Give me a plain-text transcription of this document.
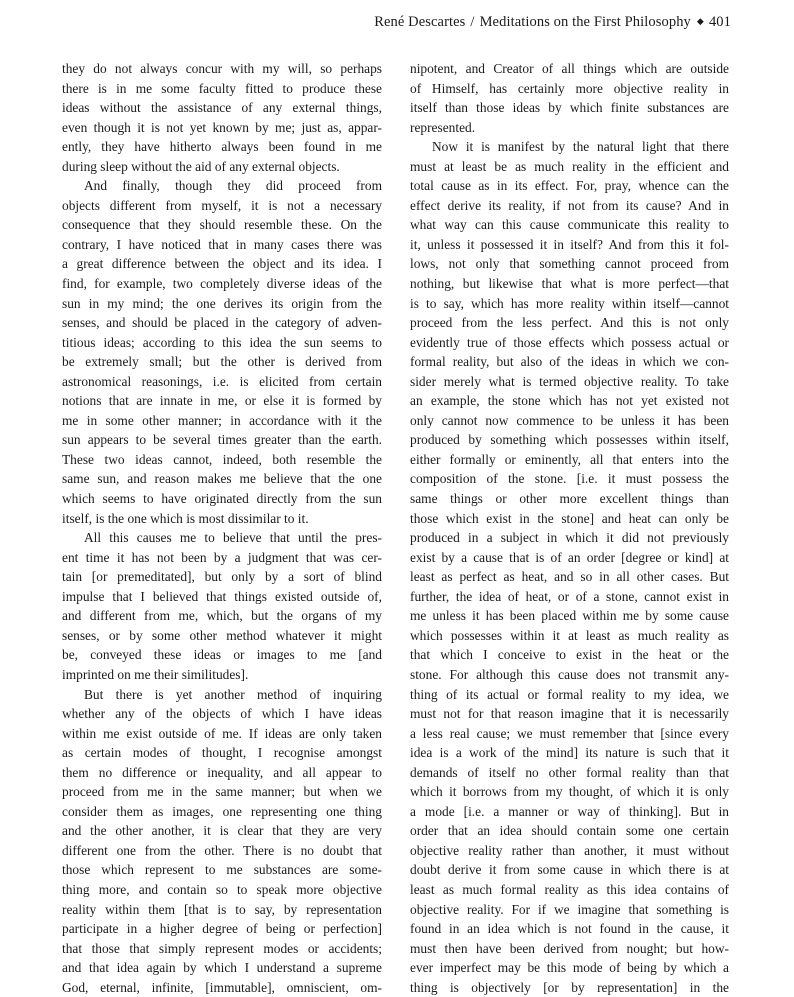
René Descartes / Meditations on the First Philosophy ◆ 401
they do not always concur with my will, so perhaps
there is in me some faculty fitted to produce these
ideas without the assistance of any external things,
even though it is not yet known by me; just as, appar-
ently, they have hitherto always been found in me
during sleep without the aid of any external objects.
And finally, though they did proceed from
objects different from myself, it is not a necessary
consequence that they should resemble these. On the
contrary, I have noticed that in many cases there was
a great difference between the object and its idea. I
find, for example, two completely diverse ideas of the
sun in my mind; the one derives its origin from the
senses, and should be placed in the category of adven-
titious ideas; according to this idea the sun seems to
be extremely small; but the other is derived from
astronomical reasonings, i.e. is elicited from certain
notions that are innate in me, or else it is formed by
me in some other manner; in accordance with it the
sun appears to be several times greater than the earth.
These two ideas cannot, indeed, both resemble the
same sun, and reason makes me believe that the one
which seems to have originated directly from the sun
itself, is the one which is most dissimilar to it.
All this causes me to believe that until the pres-
ent time it has not been by a judgment that was cer-
tain [or premeditated], but only by a sort of blind
impulse that I believed that things existed outside of,
and different from me, which, but the organs of my
senses, or by some other method whatever it might
be, conveyed these ideas or images to me [and
imprinted on me their similitudes].
But there is yet another method of inquiring
whether any of the objects of which I have ideas
within me exist outside of me. If ideas are only taken
as certain modes of thought, I recognise amongst
them no difference or inequality, and all appear to
proceed from me in the same manner; but when we
consider them as images, one representing one thing
and the other another, it is clear that they are very
different one from the other. There is no doubt that
those which represent to me substances are some-
thing more, and contain so to speak more objective
reality within them [that is to say, by representation
participate in a higher degree of being or perfection]
that those that simply represent modes or accidents;
and that idea again by which I understand a supreme
God, eternal, infinite, [immutable], omniscient, om-
nipotent, and Creator of all things which are outside
of Himself, has certainly more objective reality in
itself than those ideas by which finite substances are
represented.
Now it is manifest by the natural light that there
must at least be as much reality in the efficient and
total cause as in its effect. For, pray, whence can the
effect derive its reality, if not from its cause? And in
what way can this cause communicate this reality to
it, unless it possessed it in itself? And from this it fol-
lows, not only that something cannot proceed from
nothing, but likewise that what is more perfect—that
is to say, which has more reality within itself—cannot
proceed from the less perfect. And this is not only
evidently true of those effects which possess actual or
formal reality, but also of the ideas in which we con-
sider merely what is termed objective reality. To take
an example, the stone which has not yet existed not
only cannot now commence to be unless it has been
produced by something which possesses within itself,
either formally or eminently, all that enters into the
composition of the stone. [i.e. it must possess the
same things or other more excellent things than
those which exist in the stone] and heat can only be
produced in a subject in which it did not previously
exist by a cause that is of an order [degree or kind] at
least as perfect as heat, and so in all other cases. But
further, the idea of heat, or of a stone, cannot exist in
me unless it has been placed within me by some cause
which possesses within it at least as much reality as
that which I conceive to exist in the heat or the
stone. For although this cause does not transmit any-
thing of its actual or formal reality to my idea, we
must not for that reason imagine that it is necessarily
a less real cause; we must remember that [since every
idea is a work of the mind] its nature is such that it
demands of itself no other formal reality than that
which it borrows from my thought, of which it is only
a mode [i.e. a manner or way of thinking]. But in
order that an idea should contain some one certain
objective reality rather than another, it must without
doubt derive it from some cause in which there is at
least as much formal reality as this idea contains of
objective reality. For if we imagine that something is
found in an idea which is not found in the cause, it
must then have been derived from nought; but how-
ever imperfect may be this mode of being by which a
thing is objectively [or by representation] in the
